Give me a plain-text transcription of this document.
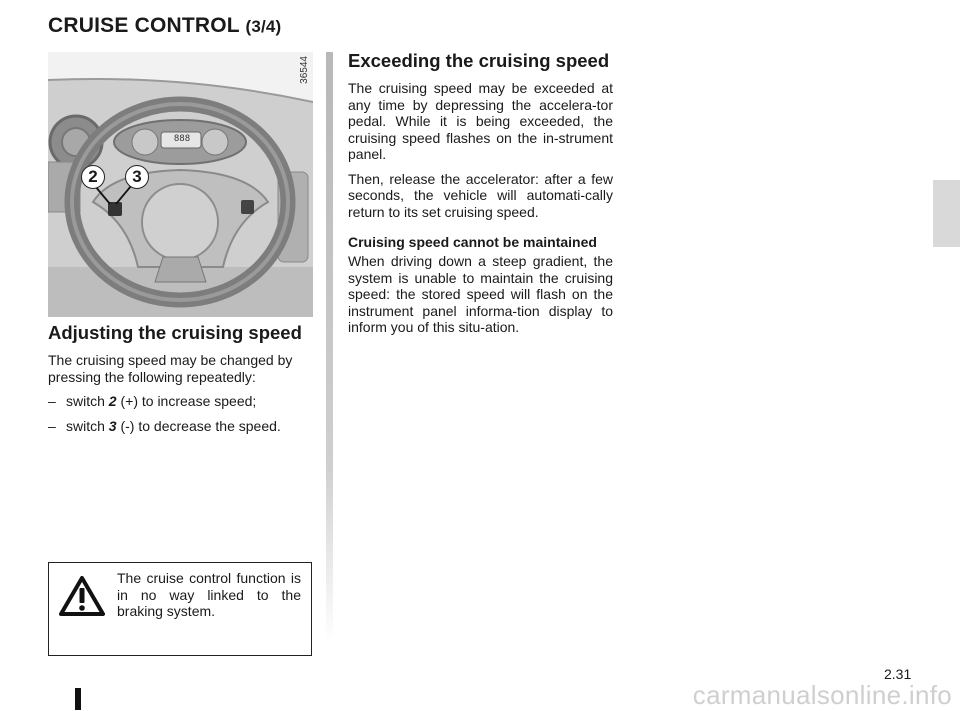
CRUISE CONTROL (3/4)
2	3
888
36544
Adjusting the cruising speed

The cruising speed may be changed by pressing the following repeatedly:

– switch 2 (+) to increase speed;
– switch 3 (-) to decrease the speed.
The cruise control function is in no way linked to the braking system.
Exceeding the cruising speed

The cruising speed may be exceeded at any time by depressing the accelera-tor pedal. While it is being exceeded, the cruising speed flashes on the in-strument panel.

Then, release the accelerator: after a few seconds, the vehicle will automati-cally return to its set cruising speed.

Cruising speed cannot be maintained

When driving down a steep gradient, the system is unable to maintain the cruising speed: the stored speed will flash on the instrument panel informa-tion display to inform you of this situ-ation.

2.31
carmanualsonline.info
